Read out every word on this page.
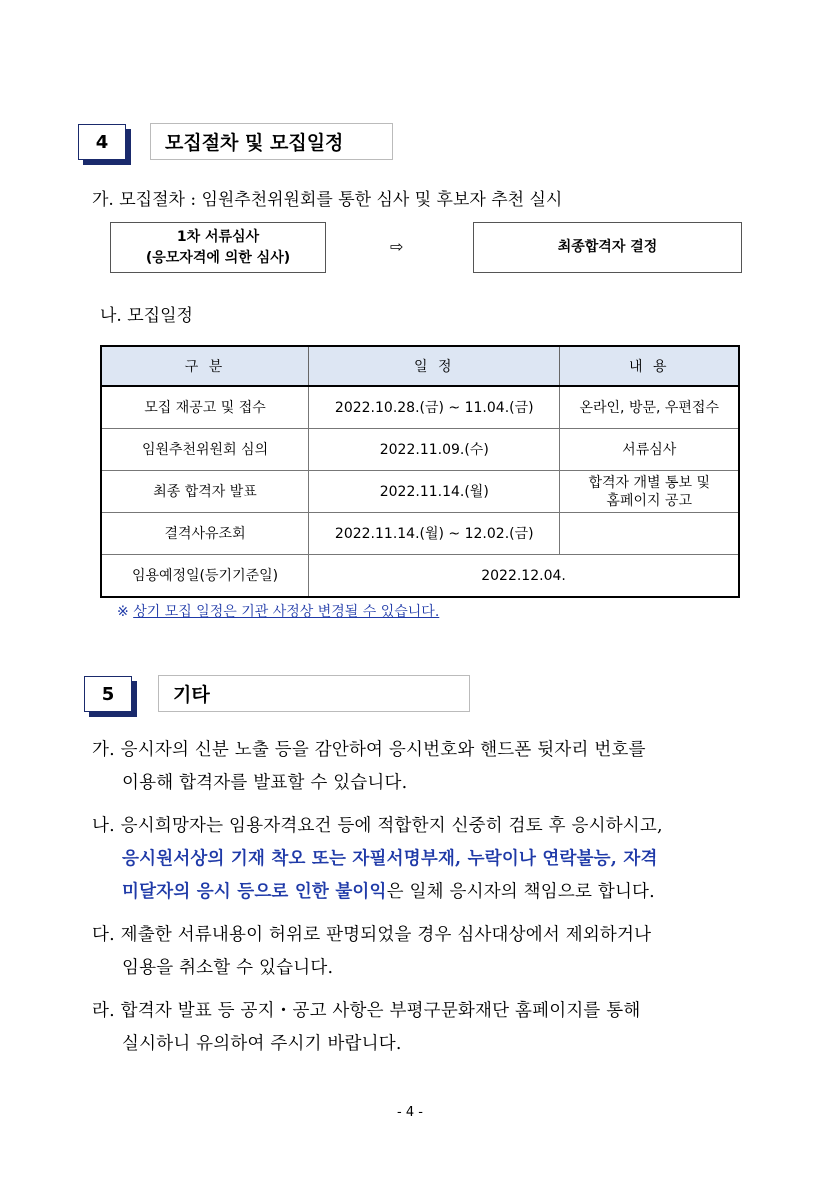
4	모집절차 및 모집일정
가. 모집절차 : 임원추천위원회를 통한 심사 및 후보자 추천 실시
1차 서류심사
(응모자격에 의한 심사)
⇨	최종합격자 결정
나. 모집일정
구 분	일 정	내 용
모집 재공고 및 접수	2022.10.28.(금) ~ 11.04.(금)	온라인, 방문, 우편접수
임원추천위원회 심의	2022.11.09.(수)	서류심사
최종 합격자 발표	2022.11.14.(월)	합격자 개별 통보 및
홈페이지 공고

결격사유조회	2022.11.14.(월) ~ 12.02.(금)	
임용예정일(등기기준일)	2022.12.04.	
※ 상기 모집 일정은 기관 사정상 변경될 수 있습니다.
5	기타
가. 응시자의 신분 노출 등을 감안하여 응시번호와 핸드폰 뒷자리 번호를
이용해 합격자를 발표할 수 있습니다.
나. 응시희망자는 임용자격요건 등에 적합한지 신중히 검토 후 응시하시고,
응시원서상의 기재 착오 또는 자필서명부재, 누락이나 연락불능, 자격
미달자의 응시 등으로 인한 불이익은 일체 응시자의 책임으로 합니다.
다. 제출한 서류내용이 허위로 판명되었을 경우 심사대상에서 제외하거나
임용을 취소할 수 있습니다.
라. 합격자 발표 등 공지・공고 사항은 부평구문화재단 홈페이지를 통해
실시하니 유의하여 주시기 바랍니다.
- 4 -
